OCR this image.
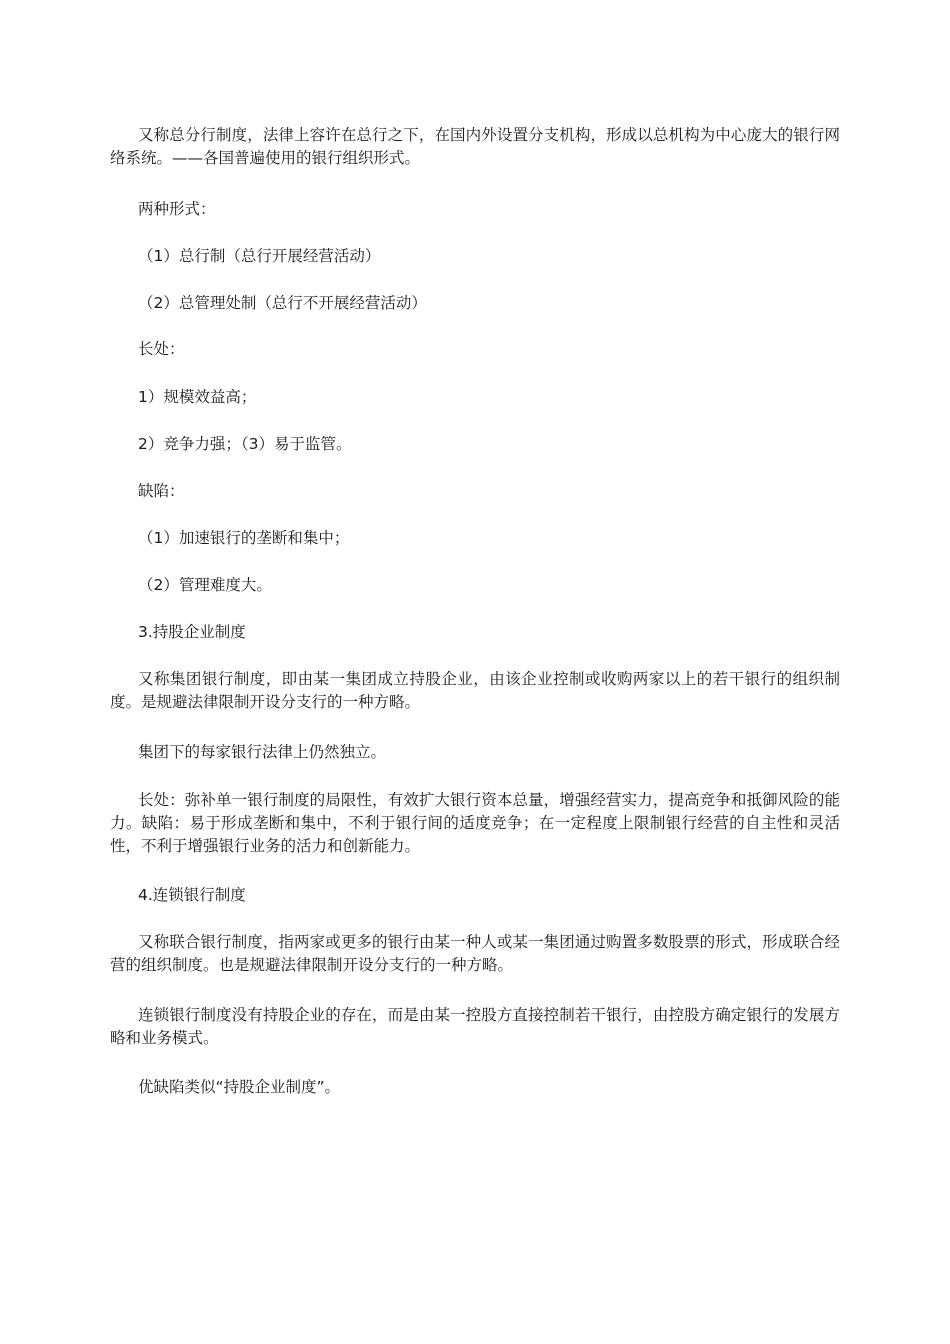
又称总分行制度，法律上容许在总行之下，在国内外设置分支机构，形成以总机构为中心庞大的银行网络系统。——各国普遍使用的银行组织形式。

两种形式：

（1）总行制（总行开展经营活动）

（2）总管理处制（总行不开展经营活动）

长处：

1）规模效益高；

2）竞争力强；（3）易于监管。

缺陷：

（1）加速银行的垄断和集中；

（2）管理难度大。

3.持股企业制度

又称集团银行制度，即由某一集团成立持股企业，由该企业控制或收购两家以上的若干银行的组织制度。是规避法律限制开设分支行的一种方略。

集团下的每家银行法律上仍然独立。

长处：弥补单一银行制度的局限性，有效扩大银行资本总量，增强经营实力，提高竞争和抵御风险的能力。缺陷：易于形成垄断和集中，不利于银行间的适度竞争；在一定程度上限制银行经营的自主性和灵活性，不利于增强银行业务的活力和创新能力。

4.连锁银行制度

又称联合银行制度，指两家或更多的银行由某一种人或某一集团通过购置多数股票的形式，形成联合经营的组织制度。也是规避法律限制开设分支行的一种方略。

连锁银行制度没有持股企业的存在，而是由某一控股方直接控制若干银行，由控股方确定银行的发展方略和业务模式。

优缺陷类似“持股企业制度”。
